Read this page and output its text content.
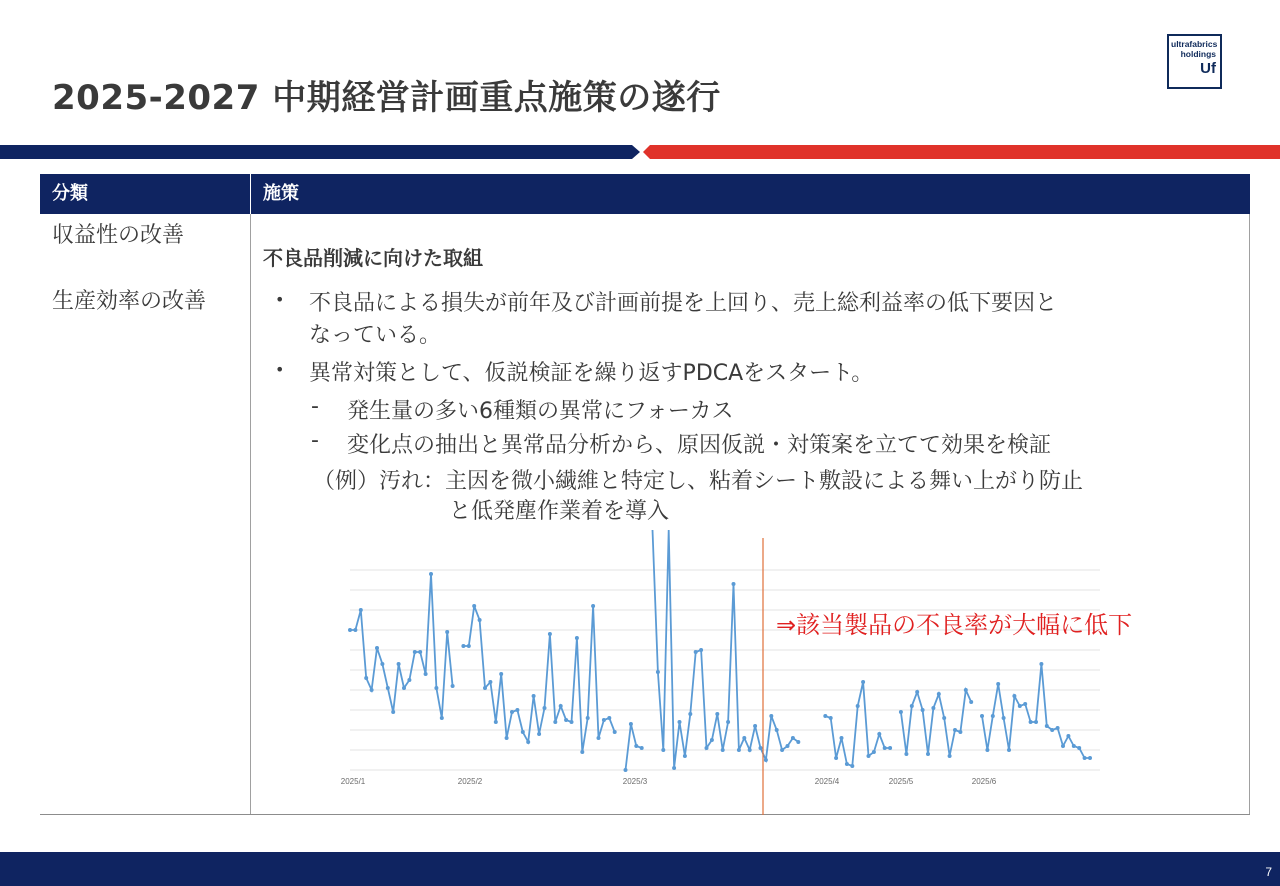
2025-2027 中期経営計画重点施策の遂行
ultrafabrics
holdings
Uf
分類	施策
収益性の改善
生産効率の改善
不良品削減に向けた取組
• 不良品による損失が前年及び計画前提を上回り、売上総利益率の低下要因と
なっている。
• 異常対策として、仮説検証を繰り返すPDCAをスタート。
- 発生量の多い6種類の異常にフォーカス
- 変化点の抽出と異常品分析から、原因仮説・対策案を立てて効果を検証
（例）汚れ：主因を微小繊維と特定し、粘着シート敷設による舞い上がり防止
と低発塵作業着を導入
2025/1	2025/2	2025/3	2025/4	2025/5	2025/6
⇒該当製品の不良率が大幅に低下
7
